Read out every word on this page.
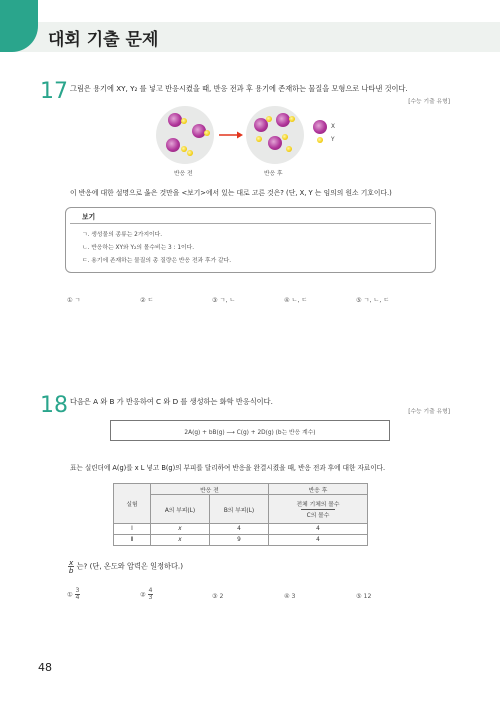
대회 기출 문제
17 그림은 용기에 XY, Y₂ 를 넣고 반응시켰을 때, 반응 전과 후 용기에 존재하는 물질을 모형으로 나타낸 것이다.
[수능 기출 유형]
반응 전	반응 후
X
Y
이 반응에 대한 설명으로 옳은 것만을 <보기>에서 있는 대로 고른 것은? (단, X, Y 는 임의의 원소 기호이다.)
보기
ㄱ. 생성물의 종류는 2가지이다.
ㄴ. 반응하는 XY와 Y₂의 몰수비는 3 : 1이다.
ㄷ. 용기에 존재하는 물질의 총 질량은 반응 전과 후가 같다.
① ㄱ	② ㄷ	③ ㄱ, ㄴ	④ ㄴ, ㄷ	⑤ ㄱ, ㄴ, ㄷ
18 다음은 A 와 B 가 반응하여 C 와 D 를 생성하는 화학 반응식이다.
[수능 기출 유형]
2A(g) + bB(g) ⟶ C(g) + 2D(g) (b는 반응 계수)
표는 실린더에 A(g)를 x L 넣고 B(g)의 부피를 달리하여 반응을 완결시켰을 때, 반응 전과 후에 대한 자료이다.
실험	반응 전		반응 후
	A의 부피(L)	B의 부피(L)	전체 기체의 몰수
C의 몰수
Ⅰ	x	4	4
Ⅱ	x	9	4
$\frac{x}{b}$ 는? (단, 온도와 압력은 일정하다.)
① $\frac{3}{4}$	② $\frac{4}{3}$	③ 2	④ 3	⑤ 12
48
